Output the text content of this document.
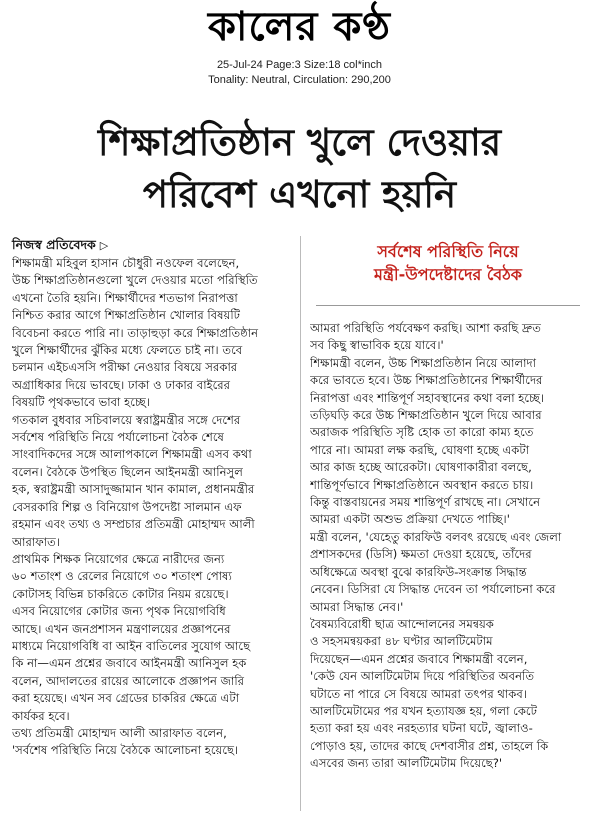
কালের কণ্ঠ
25-Jul-24 Page:3 Size:18 col*inch
Tonality: Neutral, Circulation: 290,200
শিক্ষাপ্রতিষ্ঠান খুলে দেওয়ার
পরিবেশ এখনো হয়নি
নিজস্ব প্রতিবেদক ▷	সর্বশেষ পরিস্থিতি নিয়ে
মন্ত্রী-উপদেষ্টাদের বৈঠক
শিক্ষামন্ত্রী মহিবুল হাসান চৌধুরী নওফেল বলেছেন,
উচ্চ শিক্ষাপ্রতিষ্ঠানগুলো খুলে দেওয়ার মতো পরিস্থিতি
এখনো তৈরি হয়নি। শিক্ষার্থীদের শতভাগ নিরাপত্তা
নিশ্চিত করার আগে শিক্ষাপ্রতিষ্ঠান খোলার বিষয়টি
বিবেচনা করতে পারি না। তাড়াহুড়া করে শিক্ষাপ্রতিষ্ঠান
খুলে শিক্ষার্থীদের ঝুঁকির মধ্যে ফেলতে চাই না। তবে
চলমান এইচএসসি পরীক্ষা নেওয়ার বিষয়ে সরকার
অগ্রাধিকার দিয়ে ভাবছে। ঢাকা ও ঢাকার বাইরের
বিষয়টি পৃথকভাবে ভাবা হচ্ছে।
গতকাল বুধবার সচিবালয়ে স্বরাষ্ট্রমন্ত্রীর সঙ্গে দেশের
সর্বশেষ পরিস্থিতি নিয়ে পর্যালোচনা বৈঠক শেষে
সাংবাদিকদের সঙ্গে আলাপকালে শিক্ষামন্ত্রী এসব কথা
বলেন। বৈঠকে উপস্থিত ছিলেন আইনমন্ত্রী আনিসুল
হক, স্বরাষ্ট্রমন্ত্রী আসাদুজ্জামান খান কামাল, প্রধানমন্ত্রীর
বেসরকারি শিল্প ও বিনিয়োগ উপদেষ্টা সালমান এফ
রহমান এবং তথ্য ও সম্প্রচার প্রতিমন্ত্রী মোহাম্মদ আলী
আরাফাত।
প্রাথমিক শিক্ষক নিয়োগের ক্ষেত্রে নারীদের জন্য
৬০ শতাংশ ও রেলের নিয়োগে ৩০ শতাংশ পোষ্য
কোটাসহ বিভিন্ন চাকরিতে কোটার নিয়ম রয়েছে।
এসব নিয়োগের কোটার জন্য পৃথক নিয়োগবিধি
আছে। এখন জনপ্রশাসন মন্ত্রণালয়ের প্রজ্ঞাপনের
মাধ্যমে নিয়োগবিধি বা আইন বাতিলের সুযোগ আছে
কি না—এমন প্রশ্নের জবাবে আইনমন্ত্রী আনিসুল হক
বলেন, আদালতের রায়ের আলোকে প্রজ্ঞাপন জারি
করা হয়েছে। এখন সব গ্রেডের চাকরির ক্ষেত্রে এটা
কার্যকর হবে।
তথ্য প্রতিমন্ত্রী মোহাম্মদ আলী আরাফাত বলেন,
'সর্বশেষ পরিস্থিতি নিয়ে বৈঠকে আলোচনা হয়েছে।
আমরা পরিস্থিতি পর্যবেক্ষণ করছি। আশা করছি দ্রুত
সব কিছু স্বাভাবিক হয়ে যাবে।'
শিক্ষামন্ত্রী বলেন, উচ্চ শিক্ষাপ্রতিষ্ঠান নিয়ে আলাদা
করে ভাবতে হবে। উচ্চ শিক্ষাপ্রতিষ্ঠানের শিক্ষার্থীদের
নিরাপত্তা এবং শান্তিপূর্ণ সহাবস্থানের কথা বলা হচ্ছে।
তড়িঘড়ি করে উচ্চ শিক্ষাপ্রতিষ্ঠান খুলে দিয়ে আবার
অরাজক পরিস্থিতি সৃষ্টি হোক তা কারো কাম্য হতে
পারে না। আমরা লক্ষ করছি, ঘোষণা হচ্ছে একটা
আর কাজ হচ্ছে আরেকটা। ঘোষণাকারীরা বলছে,
শান্তিপূর্ণভাবে শিক্ষাপ্রতিষ্ঠানে অবস্থান করতে চায়।
কিন্তু বাস্তবায়নের সময় শান্তিপূর্ণ রাখছে না। সেখানে
আমরা একটা অশুভ প্রক্রিয়া দেখতে পাচ্ছি।'
মন্ত্রী বলেন, 'যেহেতু কারফিউ বলবৎ রয়েছে এবং জেলা
প্রশাসকদের (ডিসি) ক্ষমতা দেওয়া হয়েছে, তাঁদের
অধিক্ষেত্রে অবস্থা বুঝে কারফিউ-সংক্রান্ত সিদ্ধান্ত
নেবেন। ডিসিরা যে সিদ্ধান্ত দেবেন তা পর্যালোচনা করে
আমরা সিদ্ধান্ত নেব।'
বৈষম্যবিরোধী ছাত্র আন্দোলনের সমন্বয়ক
ও সহসমন্বয়করা ৪৮ ঘণ্টার আলটিমেটাম
দিয়েছেন—এমন প্রশ্নের জবাবে শিক্ষামন্ত্রী বলেন,
'কেউ যেন আলটিমেটাম দিয়ে পরিস্থিতির অবনতি
ঘটাতে না পারে সে বিষয়ে আমরা তৎপর থাকব।
আলটিমেটামের পর যখন হত্যাযজ্ঞ হয়, গলা কেটে
হত্যা করা হয় এবং নরহত্যার ঘটনা ঘটে, জ্বালাও-
পোড়াও হয়, তাদের কাছে দেশবাসীর প্রশ্ন, তাহলে কি
এসবের জন্য তারা আলটিমেটাম দিয়েছে?'
